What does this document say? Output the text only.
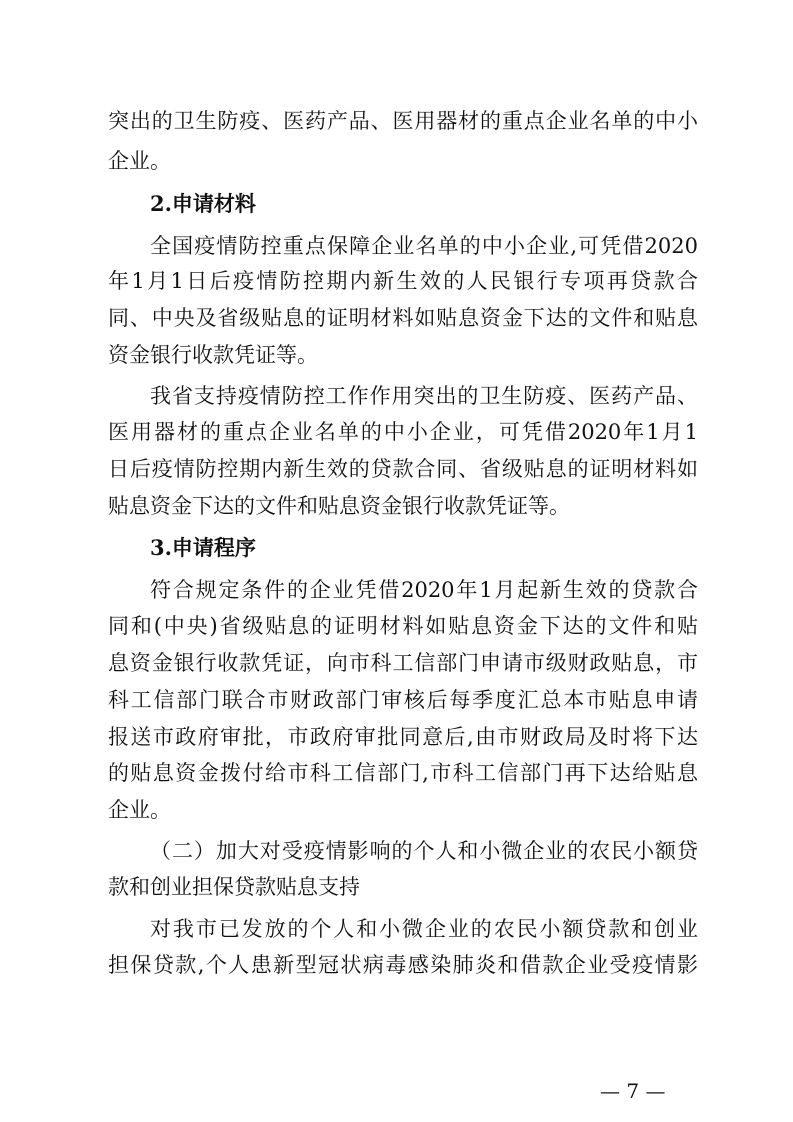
突出的卫生防疫、医药产品、医用器材的重点企业名单的中小
企业。
2.申请材料
全国疫情防控重点保障企业名单的中小企业,可凭借2020
年1月1日后疫情防控期内新生效的人民银行专项再贷款合
同、中央及省级贴息的证明材料如贴息资金下达的文件和贴息
资金银行收款凭证等。
我省支持疫情防控工作作用突出的卫生防疫、医药产品、
医用器材的重点企业名单的中小企业，可凭借2020年1月1
日后疫情防控期内新生效的贷款合同、省级贴息的证明材料如
贴息资金下达的文件和贴息资金银行收款凭证等。
3.申请程序
符合规定条件的企业凭借2020年1月起新生效的贷款合
同和(中央)省级贴息的证明材料如贴息资金下达的文件和贴
息资金银行收款凭证，向市科工信部门申请市级财政贴息，市
科工信部门联合市财政部门审核后每季度汇总本市贴息申请
报送市政府审批，市政府审批同意后,由市财政局及时将下达
的贴息资金拨付给市科工信部门,市科工信部门再下达给贴息
企业。
（二）加大对受疫情影响的个人和小微企业的农民小额贷
款和创业担保贷款贴息支持
对我市已发放的个人和小微企业的农民小额贷款和创业
担保贷款,个人患新型冠状病毒感染肺炎和借款企业受疫情影
— 7 —
